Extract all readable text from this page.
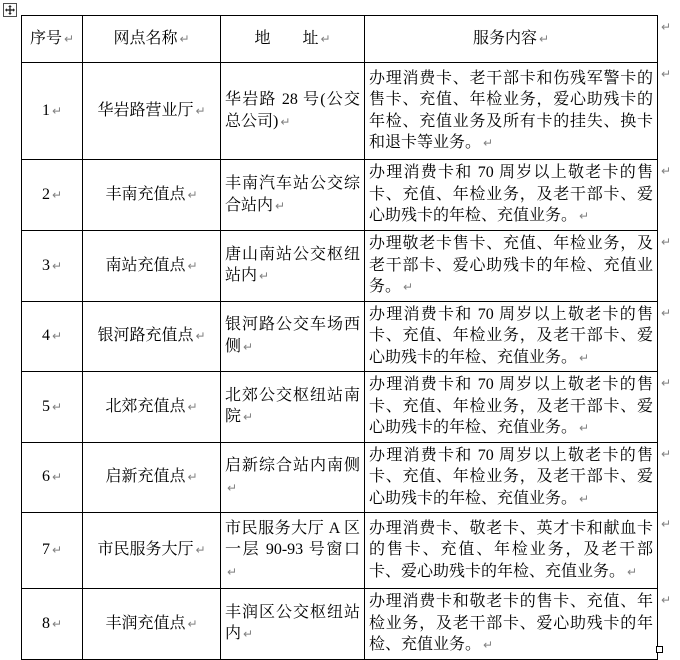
序号 ↵	网点名称 ↵	地　　址 ↵	服务内容 ↵
1 ↵	华岩路营业厅 ↵	华岩路 28 号(公交总公司) ↵	办理消费卡、老干部卡和伤残军警卡的售卡、充值、年检业务，爱心助残卡的年检、充值业务及所有卡的挂失、换卡和退卡等业务。 ↵
2 ↵	丰南充值点 ↵	丰南汽车站公交综合站内 ↵	办理消费卡和 70 周岁以上敬老卡的售卡、充值、年检业务，及老干部卡、爱心助残卡的年检、充值业务。 ↵
3 ↵	南站充值点 ↵	唐山南站公交枢纽站内 ↵	办理敬老卡售卡、充值、年检业务，及老干部卡、爱心助残卡的年检、充值业务。 ↵
4 ↵	银河路充值点 ↵	银河路公交车场西侧 ↵	办理消费卡和 70 周岁以上敬老卡的售卡、充值、年检业务，及老干部卡、爱心助残卡的年检、充值业务。 ↵
5 ↵	北郊充值点 ↵	北郊公交枢纽站南院 ↵	办理消费卡和 70 周岁以上敬老卡的售卡、充值、年检业务，及老干部卡、爱心助残卡的年检、充值业务。 ↵
6 ↵	启新充值点 ↵	启新综合站内南侧↵	办理消费卡和 70 周岁以上敬老卡的售卡、充值、年检业务，及老干部卡、爱心助残卡的年检、充值业务。 ↵
7 ↵	市民服务大厅 ↵	市民服务大厅 A 区一层 90-93 号窗口↵	办理消费卡、敬老卡、英才卡和献血卡的售卡、充值、年检业务，及老干部卡、爱心助残卡的年检、充值业务。 ↵
8 ↵	丰润充值点 ↵	丰润区公交枢纽站内 ↵	办理消费卡和敬老卡的售卡、充值、年检业务，及老干部卡、爱心助残卡的年检、充值业务。 ↵
↵
↵
↵
↵
↵
↵
↵
↵
↵
